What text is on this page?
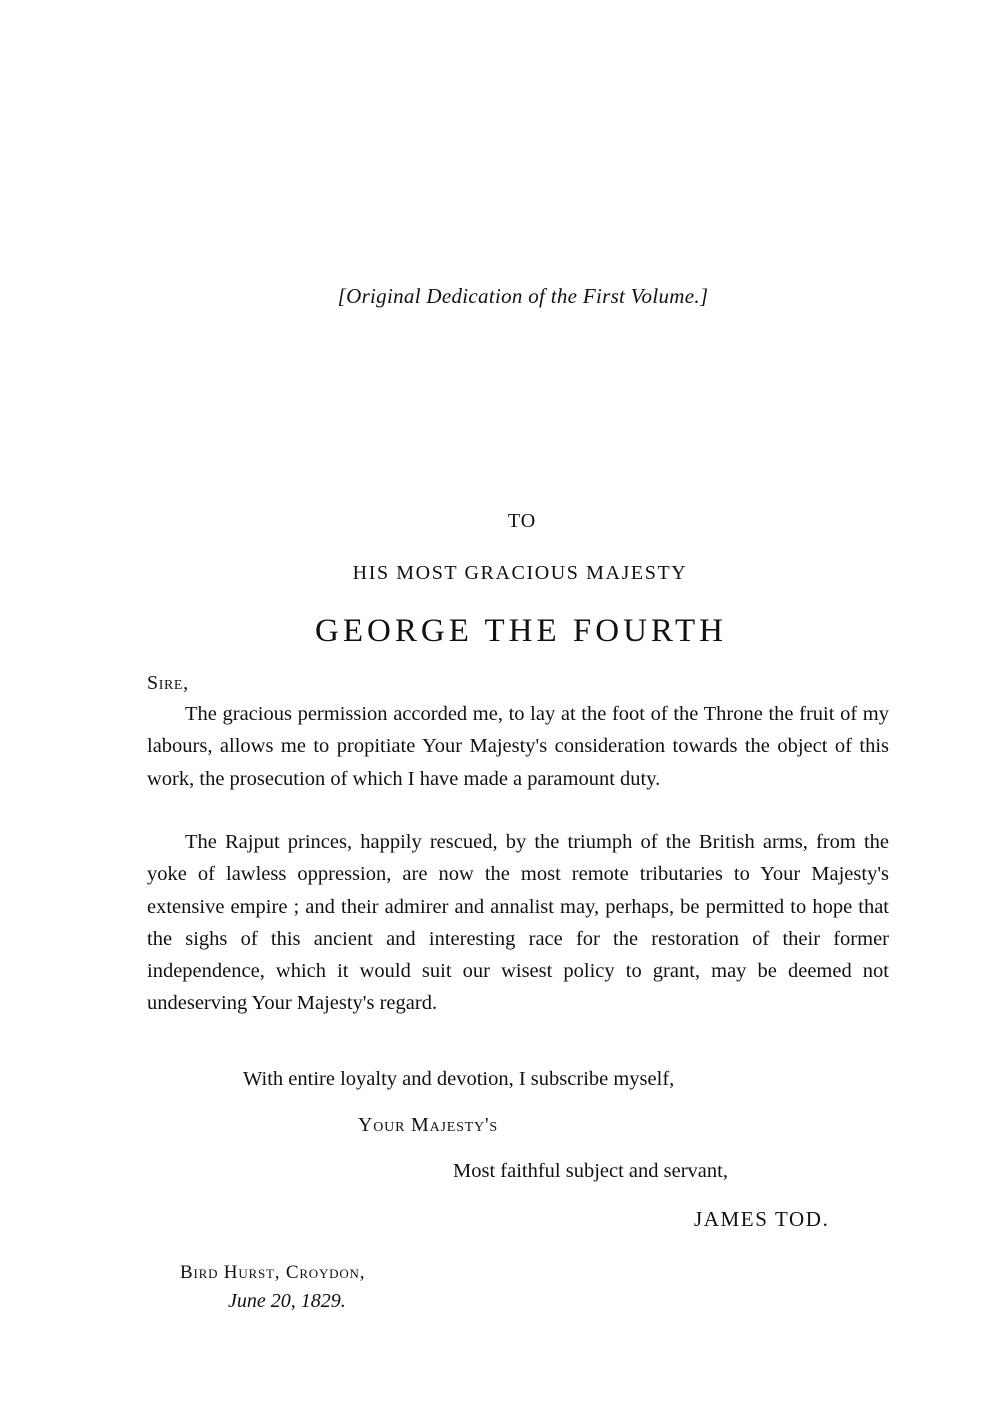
[Original Dedication of the First Volume.]
TO
HIS MOST GRACIOUS MAJESTY
GEORGE THE FOURTH
Sire,

The gracious permission accorded me, to lay at the foot of the Throne the fruit of my labours, allows me to propitiate Your Majesty's consideration towards the object of this work, the prosecution of which I have made a paramount duty.

The Rajput princes, happily rescued, by the triumph of the British arms, from the yoke of lawless oppression, are now the most remote tributaries to Your Majesty's extensive empire ; and their admirer and annalist may, perhaps, be permitted to hope that the sighs of this ancient and interesting race for the restoration of their former independence, which it would suit our wisest policy to grant, may be deemed not undeserving Your Majesty's regard.

With entire loyalty and devotion, I subscribe myself,
Your Majesty's
Most faithful subject and servant,
JAMES TOD.
Bird Hurst, Croydon,
June 20, 1829.
